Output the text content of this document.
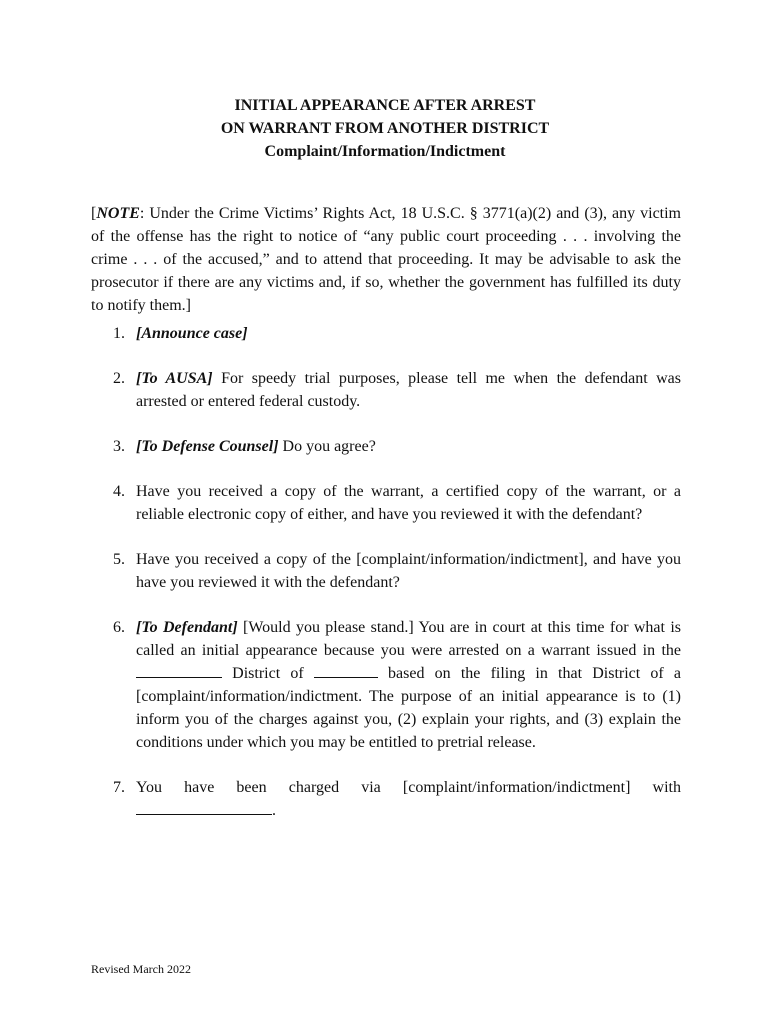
INITIAL APPEARANCE AFTER ARREST
ON WARRANT FROM ANOTHER DISTRICT
Complaint/Information/Indictment

[NOTE: Under the Crime Victims’ Rights Act, 18 U.S.C. § 3771(a)(2) and (3), any victim of the offense has the right to notice of “any public court proceeding . . . involving the crime . . . of the accused,” and to attend that proceeding. It may be advisable to ask the prosecutor if there are any victims and, if so, whether the government has fulfilled its duty to notify them.]

1. [Announce case]
2. [To AUSA] For speedy trial purposes, please tell me when the defendant was arrested or entered federal custody.
3. [To Defense Counsel] Do you agree?
4. Have you received a copy of the warrant, a certified copy of the warrant, or a reliable electronic copy of either, and have you reviewed it with the defendant?
5. Have you received a copy of the [complaint/information/indictment], and have you have you reviewed it with the defendant?
6. [To Defendant] [Would you please stand.] You are in court at this time for what is called an initial appearance because you were arrested on a warrant issued in the  District of	based on the filing in that District of a [complaint/information/indictment. The purpose of an initial appearance is to (1) inform you of the charges against you, (2) explain your rights, and (3) explain the conditions under which you may be entitled to pretrial release.
7. You have been charged via [complaint/information/indictment] with .
Revised March 2022
